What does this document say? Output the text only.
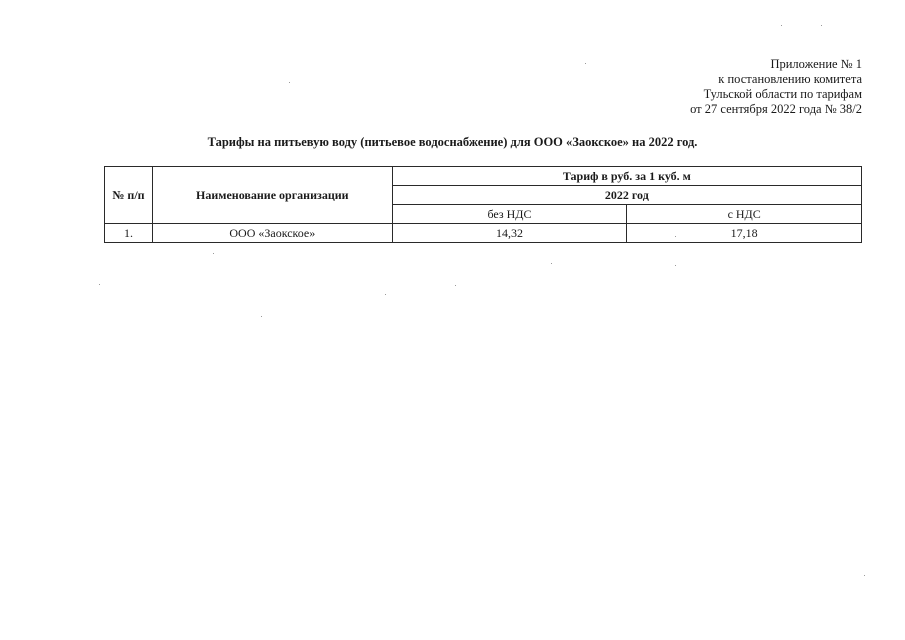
Приложение № 1
к постановлению комитета
Тульской области по тарифам
от 27 сентября 2022 года № 38/2
Тарифы на питьевую воду (питьевое водоснабжение) для ООО «Заокское» на 2022 год.
№ п/п	Наименование организации	Тариф в руб. за 1 куб. м	
		2022 год	
		без НДС	с НДС
1.	ООО «Заокское»	14,32	17,18
